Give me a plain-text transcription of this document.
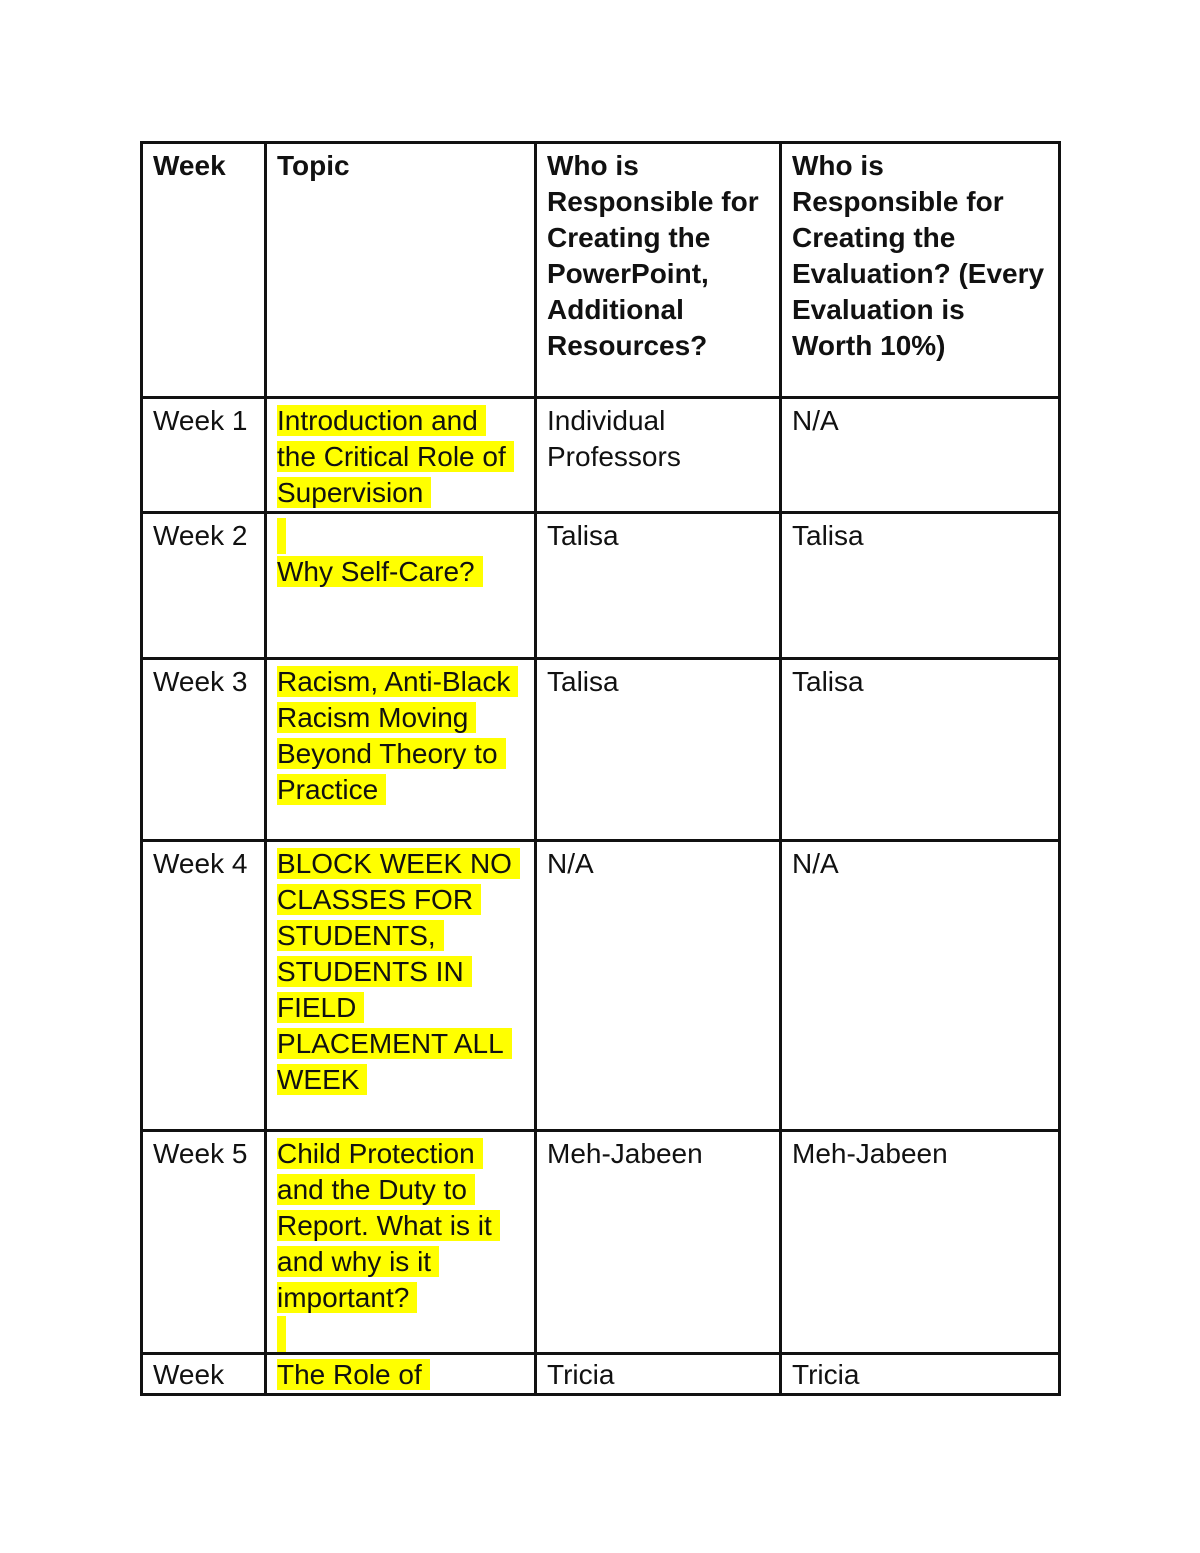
Week	Topic	Who is Responsible for Creating the PowerPoint, Additional Resources?	Who is Responsible for Creating the Evaluation? (Every Evaluation is Worth 10%)
Week 1	Introduction and the Critical Role of Supervision	Individual Professors	N/A
Week 2	Why Self-Care?	Talisa	Talisa
Week 3	Racism, Anti-Black Racism Moving Beyond Theory to Practice	Talisa	Talisa
Week 4	BLOCK WEEK NO CLASSES FOR STUDENTS, STUDENTS IN FIELD PLACEMENT ALL WEEK	N/A	N/A
Week 5	Child Protection and the Duty to Report. What is it and why is it important?	Meh-Jabeen	Meh-Jabeen
Week	The Role of	Tricia	Tricia
